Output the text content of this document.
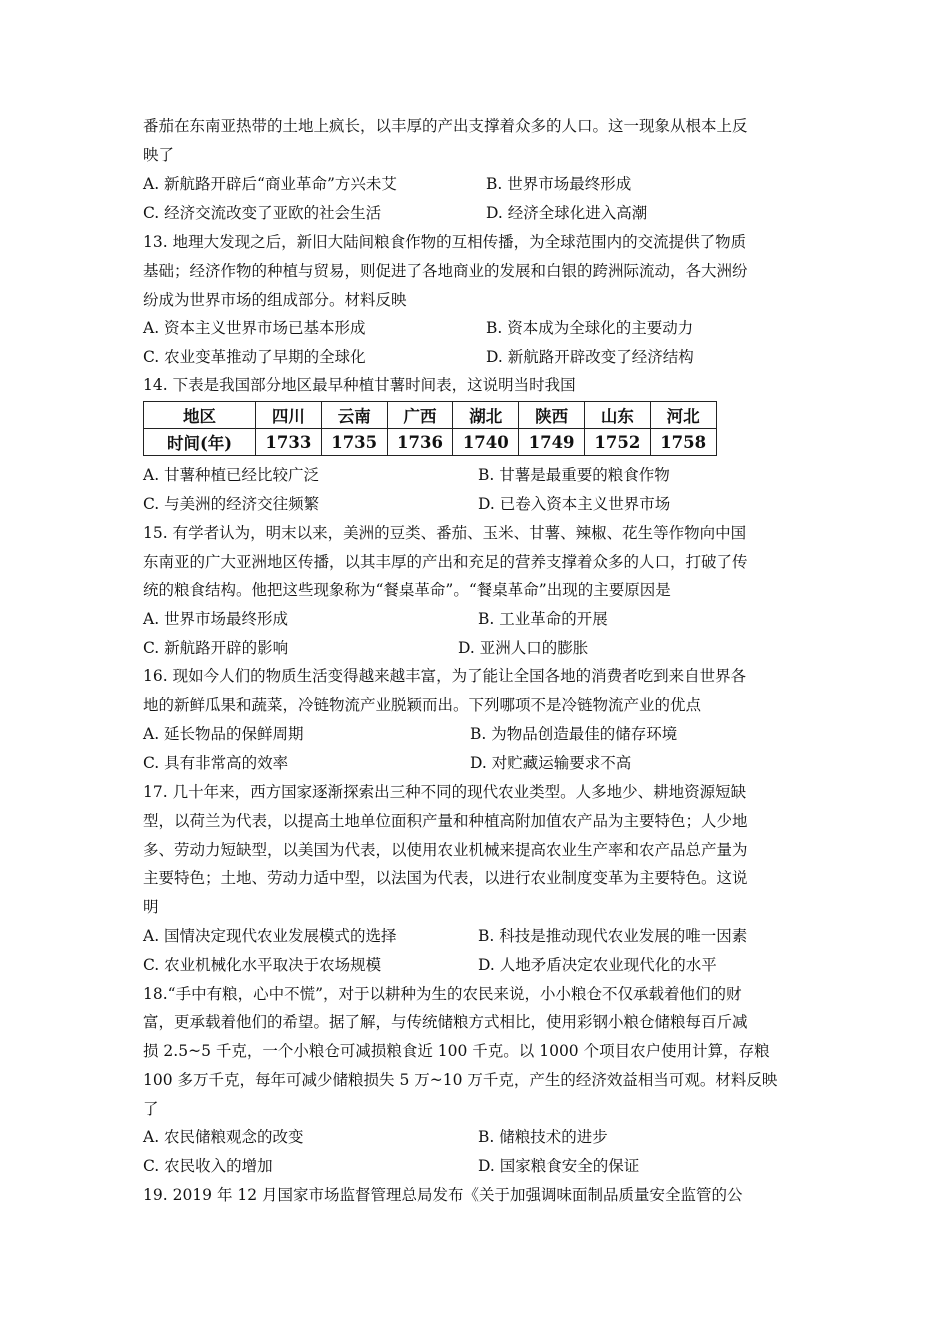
番茄在东南亚热带的土地上疯长，以丰厚的产出支撑着众多的人口。这一现象从根本上反
映了
A. 新航路开辟后“商业革命”方兴未艾	B. 世界市场最终形成
C. 经济交流改变了亚欧的社会生活	D. 经济全球化进入高潮
13. 地理大发现之后，新旧大陆间粮食作物的互相传播，为全球范围内的交流提供了物质
基础；经济作物的种植与贸易，则促进了各地商业的发展和白银的跨洲际流动，各大洲纷
纷成为世界市场的组成部分。材料反映
A. 资本主义世界市场已基本形成	B. 资本成为全球化的主要动力
C. 农业变革推动了早期的全球化	D. 新航路开辟改变了经济结构
14. 下表是我国部分地区最早种植甘薯时间表，这说明当时我国
地区	四川	云南	广西	湖北	陕西	山东	河北
时间(年)	1733	1735	1736	1740	1749	1752	1758
A. 甘薯种植已经比较广泛	B. 甘薯是最重要的粮食作物
C. 与美洲的经济交往频繁	D. 已卷入资本主义世界市场
15. 有学者认为，明末以来，美洲的豆类、番茄、玉米、甘薯、辣椒、花生等作物向中国
东南亚的广大亚洲地区传播，以其丰厚的产出和充足的营养支撑着众多的人口，打破了传
统的粮食结构。他把这些现象称为“餐桌革命”。“餐桌革命”出现的主要原因是
A. 世界市场最终形成	B. 工业革命的开展
C. 新航路开辟的影响	D. 亚洲人口的膨胀
16. 现如今人们的物质生活变得越来越丰富，为了能让全国各地的消费者吃到来自世界各
地的新鲜瓜果和蔬菜，冷链物流产业脱颖而出。下列哪项不是冷链物流产业的优点
A. 延长物品的保鲜周期	B. 为物品创造最佳的储存环境
C. 具有非常高的效率	D. 对贮藏运输要求不高
17. 几十年来，西方国家逐渐探索出三种不同的现代农业类型。人多地少、耕地资源短缺
型，以荷兰为代表，以提高土地单位面积产量和种植高附加值农产品为主要特色；人少地
多、劳动力短缺型，以美国为代表，以使用农业机械来提高农业生产率和农产品总产量为
主要特色；土地、劳动力适中型，以法国为代表，以进行农业制度变革为主要特色。这说
明
A. 国情决定现代农业发展模式的选择	B. 科技是推动现代农业发展的唯一因素
C. 农业机械化水平取决于农场规模	D. 人地矛盾决定农业现代化的水平
18.“手中有粮，心中不慌”，对于以耕种为生的农民来说，小小粮仓不仅承载着他们的财
富，更承载着他们的希望。据了解，与传统储粮方式相比，使用彩钢小粮仓储粮每百斤减
损 2.5~5 千克，一个小粮仓可减损粮食近 100 千克。以 1000 个项目农户使用计算，存粮
100 多万千克，每年可减少储粮损失 5 万~10 万千克，产生的经济效益相当可观。材料反映
了
A. 农民储粮观念的改变	B. 储粮技术的进步
C. 农民收入的增加	D. 国家粮食安全的保证
19. 2019 年 12 月国家市场监督管理总局发布《关于加强调味面制品质量安全监管的公
